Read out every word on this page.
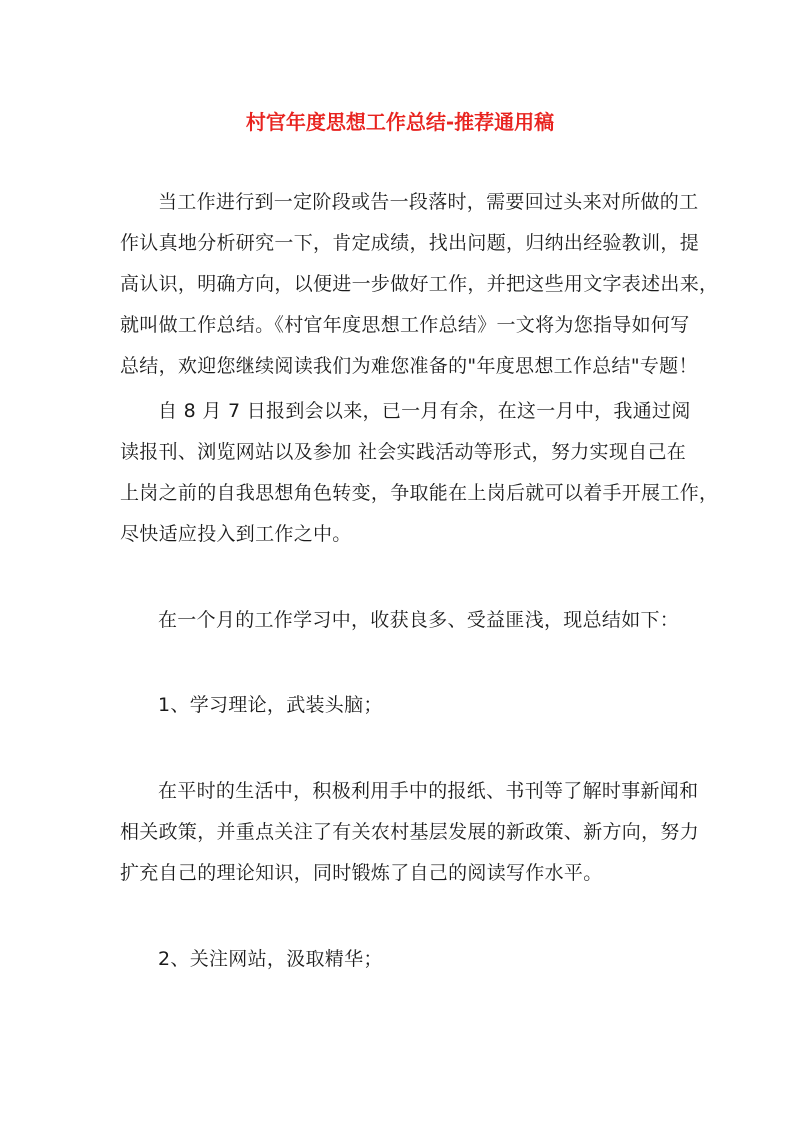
村官年度思想工作总结-推荐通用稿
当工作进行到一定阶段或告一段落时，需要回过头来对所做的工
作认真地分析研究一下，肯定成绩，找出问题，归纳出经验教训，提
高认识，明确方向，以便进一步做好工作，并把这些用文字表述出来，
就叫做工作总结。《村官年度思想工作总结》一文将为您指导如何写
总结，欢迎您继续阅读我们为难您准备的"年度思想工作总结"专题！
自 8 月 7 日报到会以来，已一月有余，在这一月中，我通过阅
读报刊、浏览网站以及参加 社会实践活动等形式，努力实现自己在
上岗之前的自我思想角色转变，争取能在上岗后就可以着手开展工作，
尽快适应投入到工作之中。
在一个月的工作学习中，收获良多、受益匪浅，现总结如下：
1、学习理论，武装头脑；
在平时的生活中，积极利用手中的报纸、书刊等了解时事新闻和
相关政策，并重点关注了有关农村基层发展的新政策、新方向，努力
扩充自己的理论知识，同时锻炼了自己的阅读写作水平。
2、关注网站，汲取精华；
